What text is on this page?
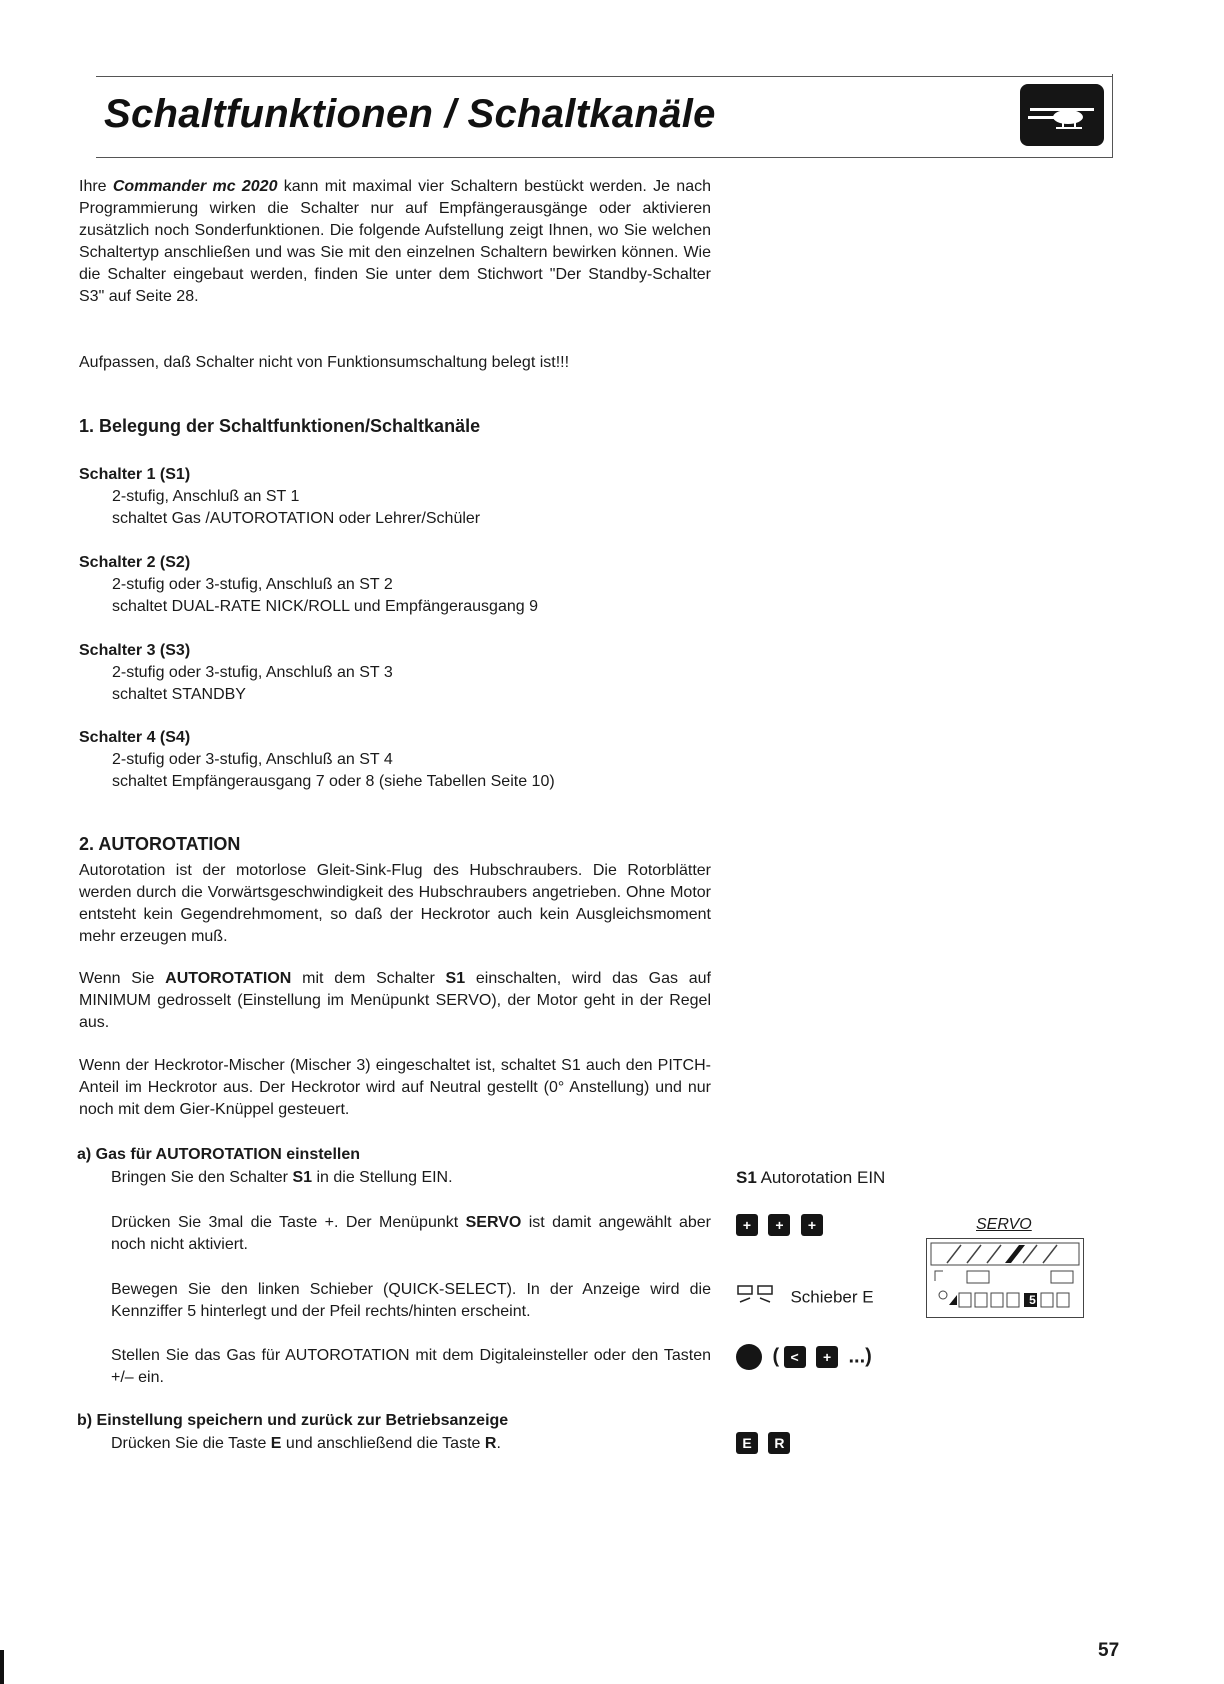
Schaltfunktionen / Schaltkanäle

Ihre Commander mc 2020 kann mit maximal vier Schaltern bestückt werden. Je nach Programmierung wirken die Schalter nur auf Empfängerausgänge oder aktivieren zusätzlich noch Sonderfunktionen. Die folgende Aufstellung zeigt Ihnen, wo Sie welchen Schaltertyp anschließen und was Sie mit den einzelnen Schaltern bewirken können. Wie die Schalter eingebaut werden, finden Sie unter dem Stichwort "Der Standby-Schalter S3" auf Seite 28.

Aufpassen, daß Schalter nicht von Funktionsumschaltung belegt ist!!!

1. Belegung der Schaltfunktionen/Schaltkanäle
Schalter 1 (S1)
2-stufig, Anschluß an ST 1
schaltet Gas /AUTOROTATION oder Lehrer/Schüler
Schalter 2 (S2)
2-stufig oder 3-stufig, Anschluß an ST 2
schaltet DUAL-RATE NICK/ROLL und Empfängerausgang 9
Schalter 3 (S3)
2-stufig oder 3-stufig, Anschluß an ST 3
schaltet STANDBY
Schalter 4 (S4)
2-stufig oder 3-stufig, Anschluß an ST 4
schaltet Empfängerausgang 7 oder 8 (siehe Tabellen Seite 10)
2. AUTOROTATION

Autorotation ist der motorlose Gleit-Sink-Flug des Hubschraubers. Die Rotorblätter werden durch die Vorwärtsgeschwindigkeit des Hubschraubers angetrieben. Ohne Motor entsteht kein Gegendrehmoment, so daß der Heckrotor auch kein Ausgleichsmoment mehr erzeugen muß.

Wenn Sie AUTOROTATION mit dem Schalter S1 einschalten, wird das Gas auf MINIMUM gedrosselt (Einstellung im Menüpunkt SERVO), der Motor geht in der Regel aus.

Wenn der Heckrotor-Mischer (Mischer 3) eingeschaltet ist, schaltet S1 auch den PITCH-Anteil im Heckrotor aus. Der Heckrotor wird auf Neutral gestellt (0° Anstellung) und nur noch mit dem Gier-Knüppel gesteuert.

a) Gas für AUTOROTATION einstellen
Bringen Sie den Schalter S1 in die Stellung EIN.
Drücken Sie 3mal die Taste +. Der Menüpunkt SERVO ist damit angewählt aber noch nicht aktiviert.
Bewegen Sie den linken Schieber (QUICK-SELECT). In der Anzeige wird die Kennziffer 5 hinterlegt und der Pfeil rechts/hinten erscheint.
Stellen Sie das Gas für AUTOROTATION mit dem Digitaleinsteller oder den Tasten +/– ein.
b) Einstellung speichern und zurück zur Betriebsanzeige
Drücken Sie die Taste E und anschließend die Taste R.
S1 Autorotation EIN
+ + +
Schieber E
( < + ...)
E R
SERVO
5
57
